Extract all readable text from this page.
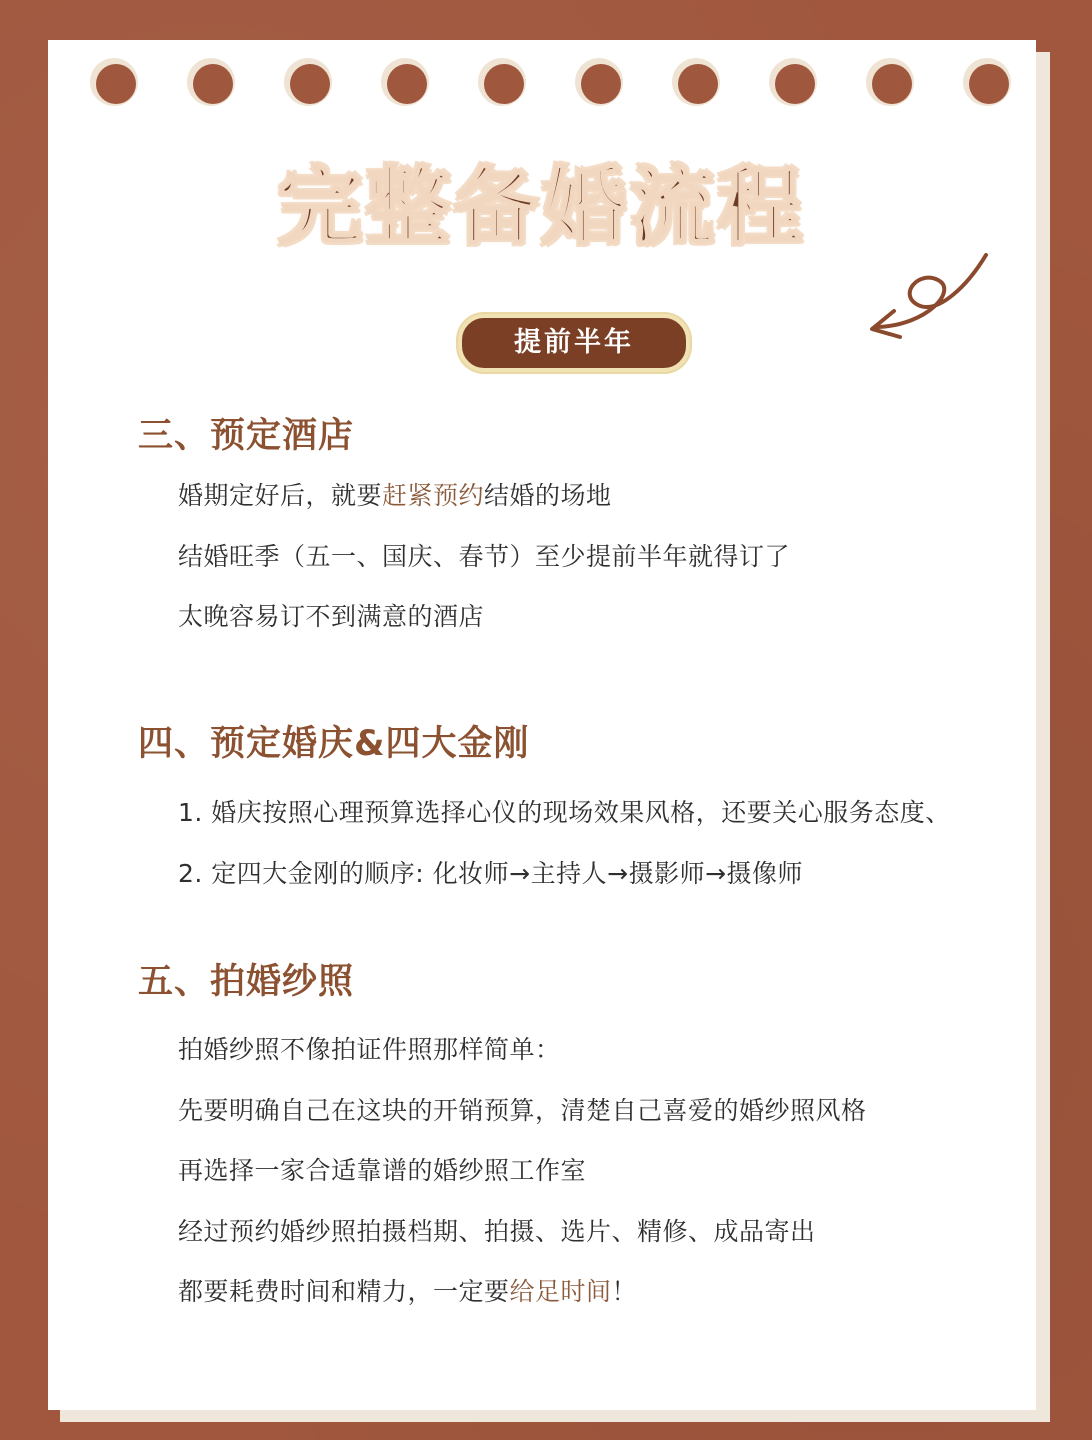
完整备婚流程
提前半年
三、预定酒店
婚期定好后，就要赶紧预约结婚的场地
结婚旺季（五一、国庆、春节）至少提前半年就得订了
太晚容易订不到满意的酒店
四、预定婚庆&四大金刚
1. 婚庆按照心理预算选择心仪的现场效果风格，还要关心服务态度、
2. 定四大金刚的顺序: 化妆师→主持人→摄影师→摄像师
五、拍婚纱照
拍婚纱照不像拍证件照那样简单：
先要明确自己在这块的开销预算，清楚自己喜爱的婚纱照风格
再选择一家合适靠谱的婚纱照工作室
经过预约婚纱照拍摄档期、拍摄、选片、精修、成品寄出
都要耗费时间和精力，一定要给足时间！
